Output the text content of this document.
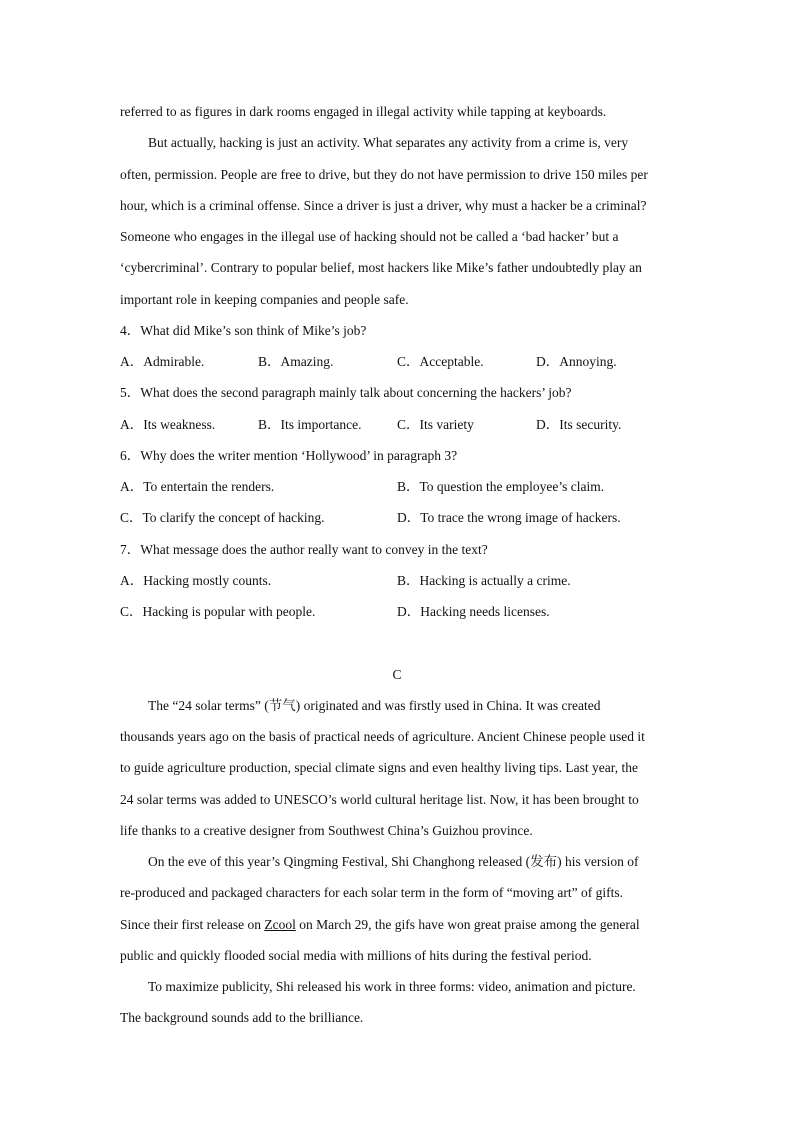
referred to as figures in dark rooms engaged in illegal activity while tapping at keyboards.
But actually, hacking is just an activity. What separates any activity from a crime is, very
often, permission. People are free to drive, but they do not have permission to drive 150 miles per
hour, which is a criminal offense. Since a driver is just a driver, why must a hacker be a criminal?
Someone who engages in the illegal use of hacking should not be called a ‘bad hacker’ but a
‘cybercriminal’. Contrary to popular belief, most hackers like Mike’s father undoubtedly play an
important role in keeping companies and people safe.
4．What did Mike’s son think of Mike’s job?
A．Admirable.	B．Amazing.	C．Acceptable.	D．Annoying.
5．What does the second paragraph mainly talk about concerning the hackers’ job?
A．Its weakness.	B．Its importance.	C．Its variety	D．Its security.
6．Why does the writer mention ‘Hollywood’ in paragraph 3?
A．To entertain the renders.	B．To question the employee’s claim.
C．To clarify the concept of hacking.	D．To trace the wrong image of hackers.
7．What message does the author really want to convey in the text?
A．Hacking mostly counts.	B．Hacking is actually a crime.
C．Hacking is popular with people.	D．Hacking needs licenses.
C
The “24 solar terms” (节气) originated and was firstly used in China. It was created
thousands years ago on the basis of practical needs of agriculture. Ancient Chinese people used it
to guide agriculture production, special climate signs and even healthy living tips. Last year, the
24 solar terms was added to UNESCO’s world cultural heritage list. Now, it has been brought to
life thanks to a creative designer from Southwest China’s Guizhou province.
On the eve of this year’s Qingming Festival, Shi Changhong released (发布) his version of
re-produced and packaged characters for each solar term in the form of “moving art” of gifts.
Since their first release on Zcool on March 29, the gifs have won great praise among the general
public and quickly flooded social media with millions of hits during the festival period.
To maximize publicity, Shi released his work in three forms: video, animation and picture.
The background sounds add to the brilliance.
